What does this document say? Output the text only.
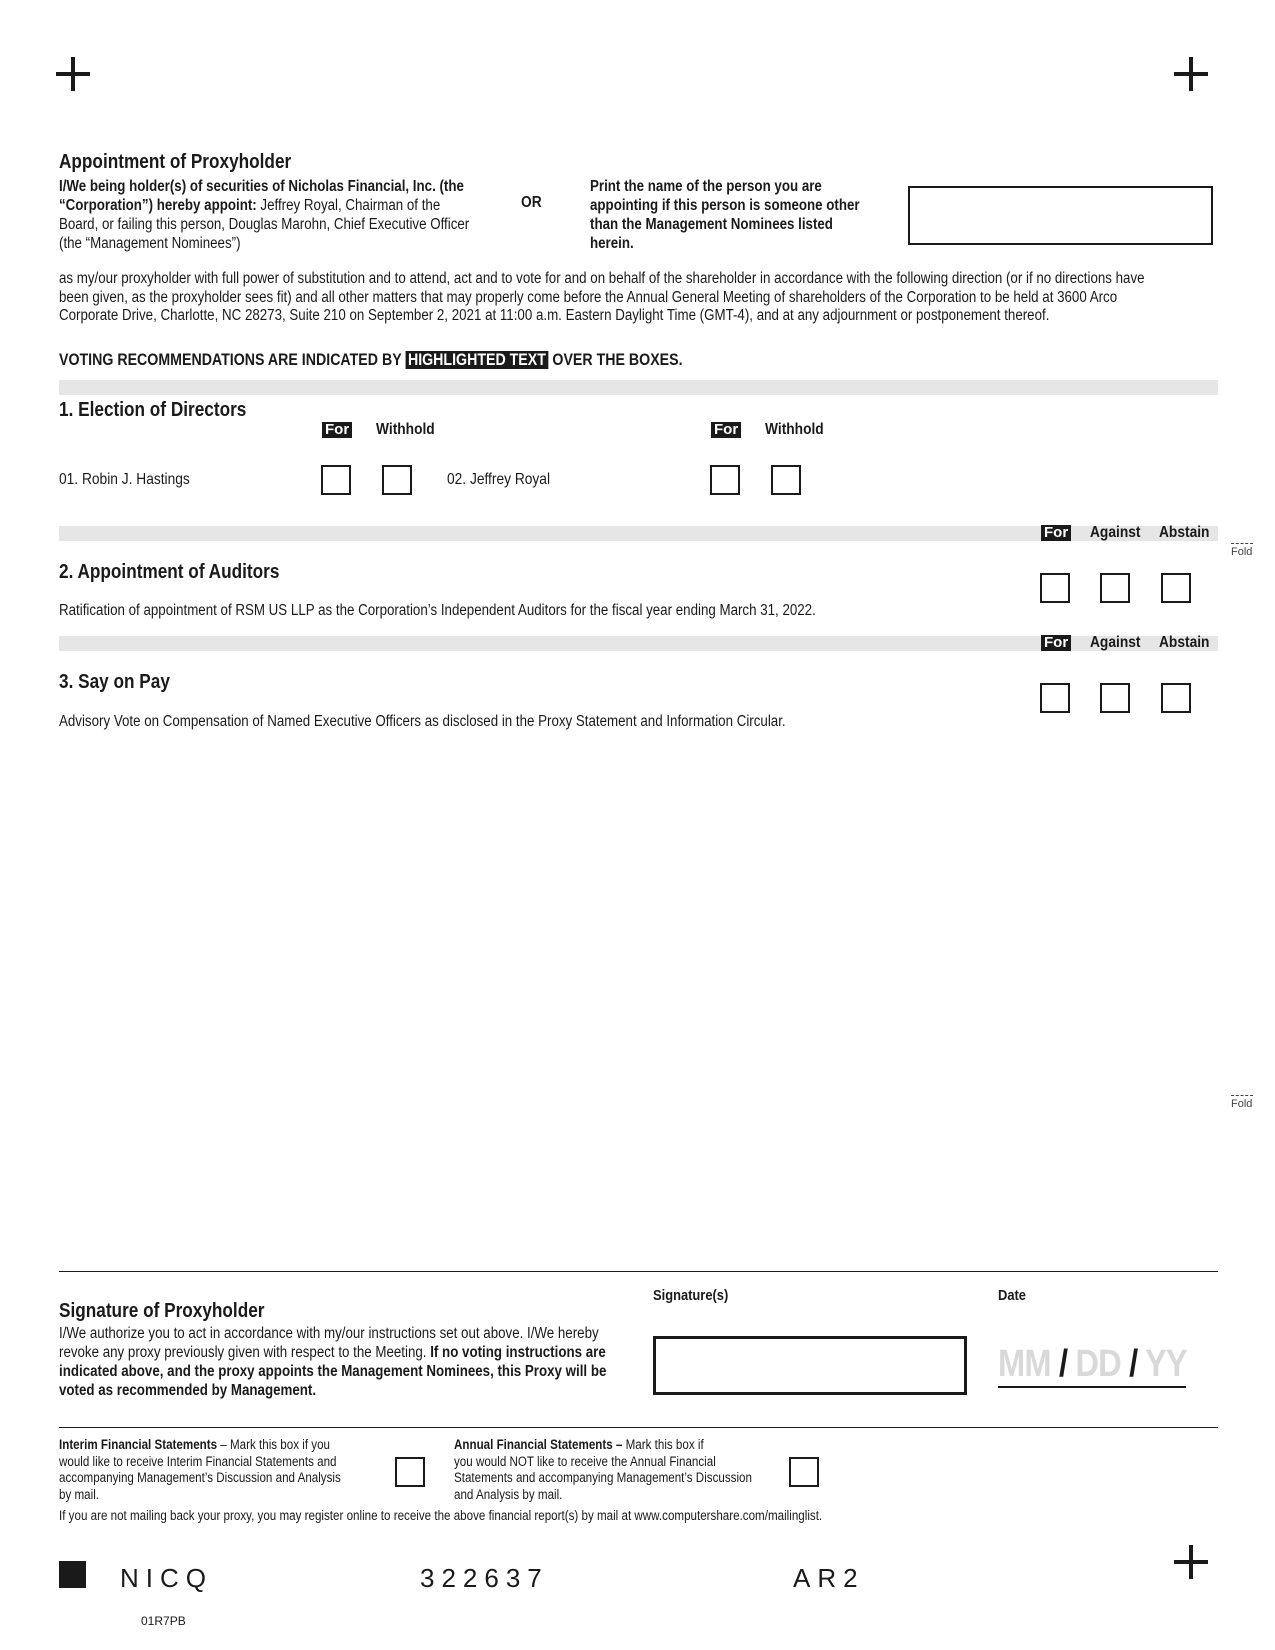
Appointment of Proxyholder
I/We being holder(s) of securities of Nicholas Financial, Inc. (the
“Corporation”) hereby appoint: Jeffrey Royal, Chairman of the
Board, or failing this person, Douglas Marohn, Chief Executive Officer
(the “Management Nominees”)
OR
Print the name of the person you are
appointing if this person is someone other
than the Management Nominees listed
herein.
as my/our proxyholder with full power of substitution and to attend, act and to vote for and on behalf of the shareholder in accordance with the following direction (or if no directions have
been given, as the proxyholder sees fit) and all other matters that may properly come before the Annual General Meeting of shareholders of the Corporation to be held at 3600 Arco
Corporate Drive, Charlotte, NC 28273, Suite 210 on September 2, 2021 at 11:00 a.m. Eastern Daylight Time (GMT-4), and at any adjournment or postponement thereof.
VOTING RECOMMENDATIONS ARE INDICATED BY HIGHLIGHTED TEXT OVER THE BOXES.
1. Election of Directors
For Withhold	For Withhold
01. Robin J. Hastings	02. Jeffrey Royal
For Against Abstain
Fold
2. Appointment of Auditors
Ratification of appointment of RSM US LLP as the Corporation’s Independent Auditors for the fiscal year ending March 31, 2022.
For Against Abstain
3. Say on Pay
Advisory Vote on Compensation of Named Executive Officers as disclosed in the Proxy Statement and Information Circular.
Fold
Signature(s)	Date
Signature of Proxyholder
I/We authorize you to act in accordance with my/our instructions set out above. I/We hereby
revoke any proxy previously given with respect to the Meeting. If no voting instructions are
indicated above, and the proxy appoints the Management Nominees, this Proxy will be
voted as recommended by Management.
MM / DD / YY
Interim Financial Statements – Mark this box if you
would like to receive Interim Financial Statements and
accompanying Management’s Discussion and Analysis
by mail.
Annual Financial Statements – Mark this box if
you would NOT like to receive the Annual Financial
Statements and accompanying Management’s Discussion
and Analysis by mail.
If you are not mailing back your proxy, you may register online to receive the above financial report(s) by mail at www.computershare.com/mailinglist.
NICQ	322637	AR2
01R7PB
